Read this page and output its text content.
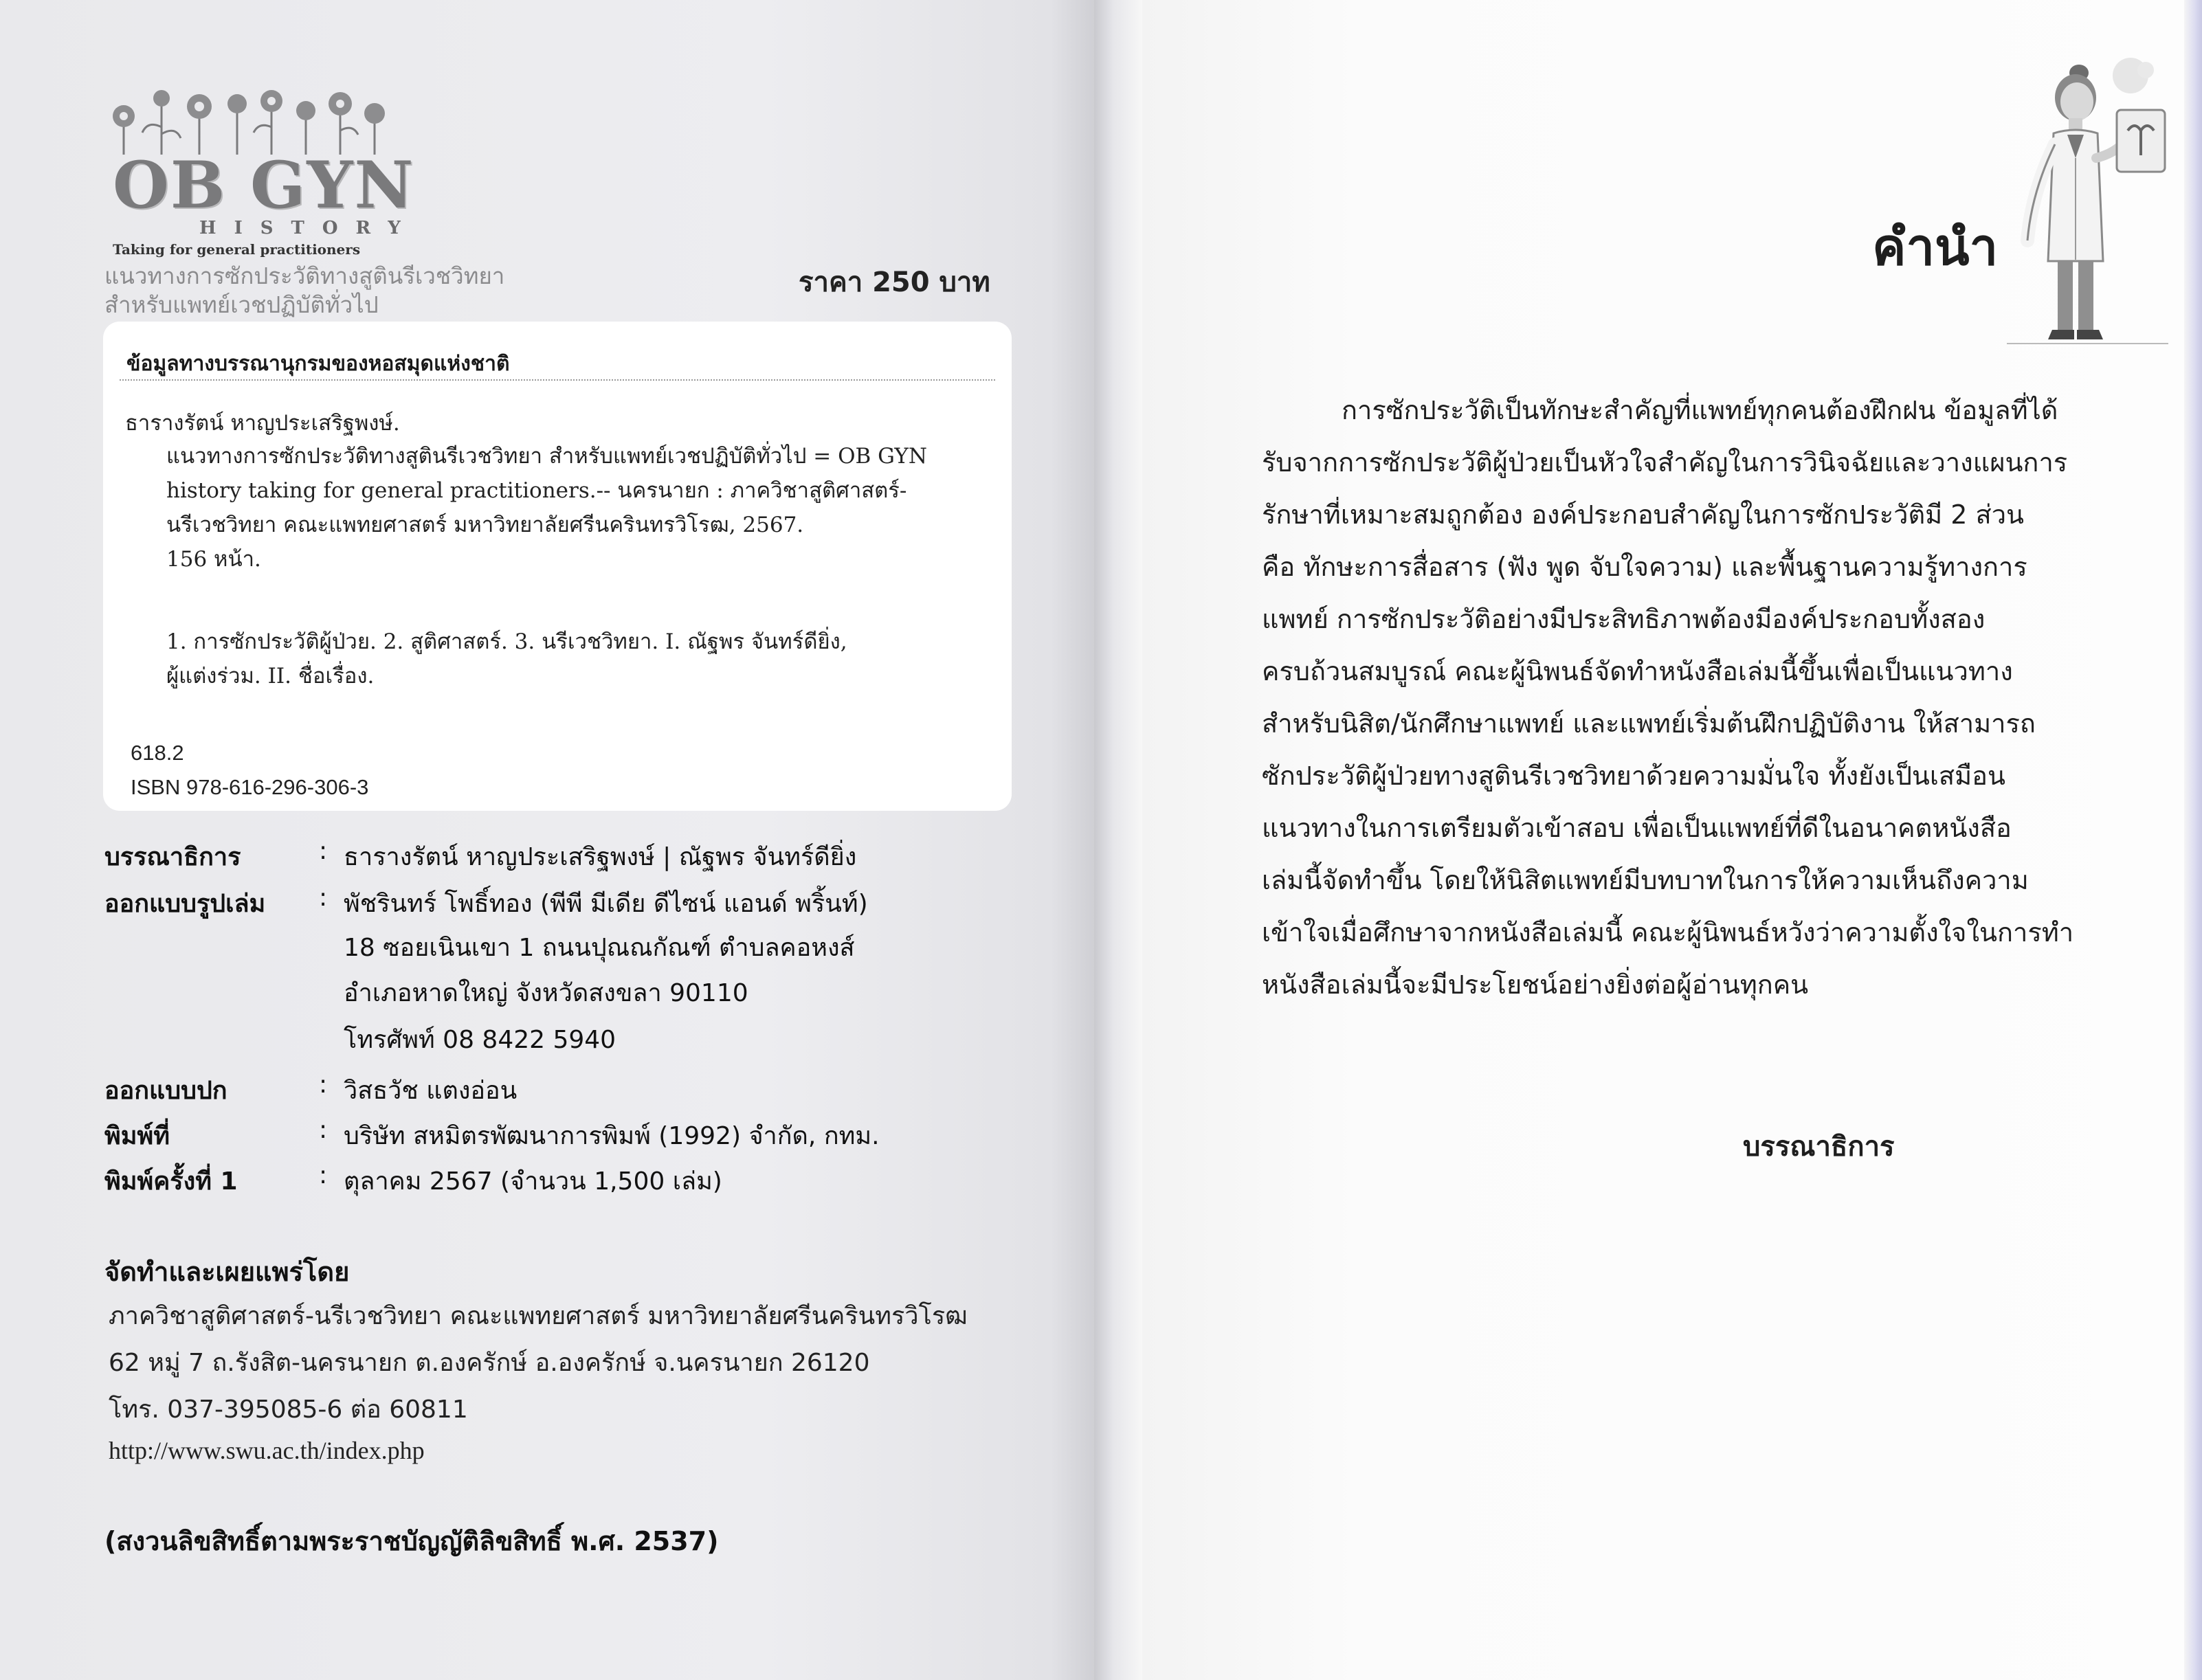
OB GYN
HISTORY
Taking for general practitioners
แนวทางการซักประวัติทางสูตินรีเวชวิทยา
สำหรับแพทย์เวชปฏิบัติทั่วไป
ราคา 250 บาท
ข้อมูลทางบรรณานุกรมของหอสมุดแห่งชาติ
ธารางรัตน์ หาญประเสริฐพงษ์.
แนวทางการซักประวัติทางสูตินรีเวชวิทยา สำหรับแพทย์เวชปฏิบัติทั่วไป = OB GYN
history taking for general practitioners.-- นครนายก : ภาควิชาสูติศาสตร์-
นรีเวชวิทยา คณะแพทยศาสตร์ มหาวิทยาลัยศรีนครินทรวิโรฒ, 2567.
156 หน้า.
1. การซักประวัติผู้ป่วย. 2. สูติศาสตร์. 3. นรีเวชวิทยา. I. ณัฐพร จันทร์ดียิ่ง,
ผู้แต่งร่วม. II. ชื่อเรื่อง.
618.2
ISBN 978-616-296-306-3
บรรณาธิการ	: ธารางรัตน์ หาญประเสริฐพงษ์ | ณัฐพร จันทร์ดียิ่ง
ออกแบบรูปเล่ม : พัชรินทร์ โพธิ์ทอง (พีพี มีเดีย ดีไซน์ แอนด์ พริ้นท์)
18 ซอยเนินเขา 1 ถนนปุณณกัณฑ์ ตำบลคอหงส์
อำเภอหาดใหญ่ จังหวัดสงขลา 90110
โทรศัพท์ 08 8422 5940
ออกแบบปก	: วิสธวัช แตงอ่อน
พิมพ์ที่	: บริษัท สหมิตรพัฒนาการพิมพ์ (1992) จำกัด, กทม.
พิมพ์ครั้งที่ 1	: ตุลาคม 2567 (จำนวน 1,500 เล่ม)
จัดทำและเผยแพร่โดย
ภาควิชาสูติศาสตร์-นรีเวชวิทยา คณะแพทยศาสตร์ มหาวิทยาลัยศรีนครินทรวิโรฒ
62 หมู่ 7 ถ.รังสิต-นครนายก ต.องครักษ์ อ.องครักษ์ จ.นครนายก 26120
โทร. 037-395085-6 ต่อ 60811
http://www.swu.ac.th/index.php
(สงวนลิขสิทธิ์ตามพระราชบัญญัติลิขสิทธิ์ พ.ศ. 2537)
คำนำ
การซักประวัติเป็นทักษะสำคัญที่แพทย์ทุกคนต้องฝึกฝน ข้อมูลที่ได้
รับจากการซักประวัติผู้ป่วยเป็นหัวใจสำคัญในการวินิจฉัยและวางแผนการ
รักษาที่เหมาะสมถูกต้อง องค์ประกอบสำคัญในการซักประวัติมี 2 ส่วน
คือ ทักษะการสื่อสาร (ฟัง พูด จับใจความ) และพื้นฐานความรู้ทางการ
แพทย์ การซักประวัติอย่างมีประสิทธิภาพต้องมีองค์ประกอบทั้งสอง
ครบถ้วนสมบูรณ์ คณะผู้นิพนธ์จัดทำหนังสือเล่มนี้ขึ้นเพื่อเป็นแนวทาง
สำหรับนิสิต/นักศึกษาแพทย์ และแพทย์เริ่มต้นฝึกปฏิบัติงาน ให้สามารถ
ซักประวัติผู้ป่วยทางสูตินรีเวชวิทยาด้วยความมั่นใจ ทั้งยังเป็นเสมือน
แนวทางในการเตรียมตัวเข้าสอบ เพื่อเป็นแพทย์ที่ดีในอนาคตหนังสือ
เล่มนี้จัดทำขึ้น โดยให้นิสิตแพทย์มีบทบาทในการให้ความเห็นถึงความ
เข้าใจเมื่อศึกษาจากหนังสือเล่มนี้ คณะผู้นิพนธ์หวังว่าความตั้งใจในการทำ
หนังสือเล่มนี้จะมีประโยชน์อย่างยิ่งต่อผู้อ่านทุกคน
บรรณาธิการ
